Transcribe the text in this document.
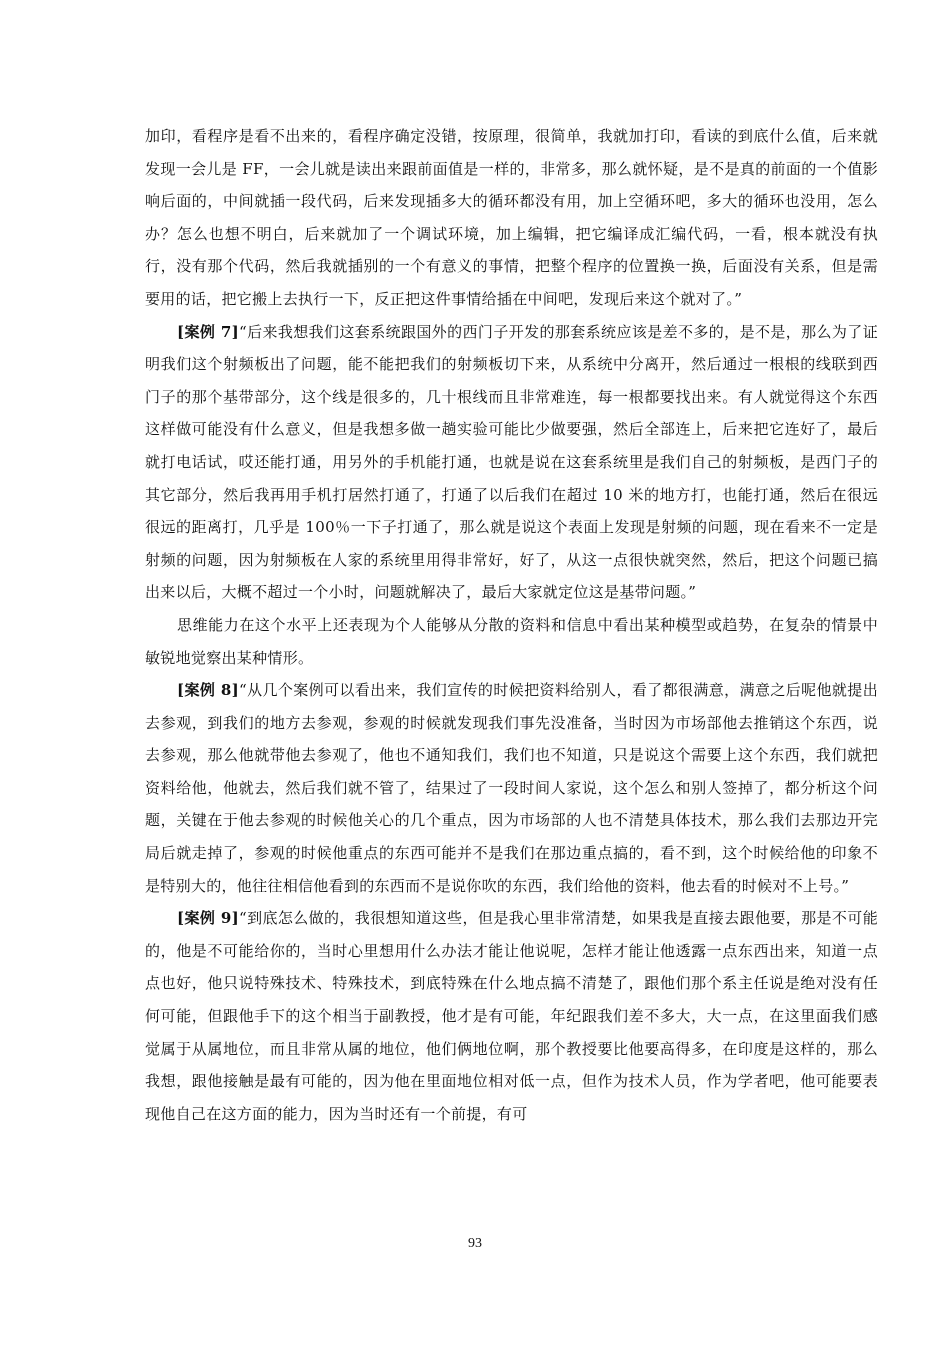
加印，看程序是看不出来的，看程序确定没错，按原理，很简单，我就加打印，看读的到底什么值，后来就发现一会儿是 FF，一会儿就是读出来跟前面值是一样的，非常多，那么就怀疑，是不是真的前面的一个值影响后面的，中间就插一段代码，后来发现插多大的循环都没有用，加上空循环吧，多大的循环也没用，怎么办？怎么也想不明白，后来就加了一个调试环境，加上编辑，把它编译成汇编代码，一看，根本就没有执行，没有那个代码，然后我就插别的一个有意义的事情，把整个程序的位置换一换，后面没有关系，但是需要用的话，把它搬上去执行一下，反正把这件事情给插在中间吧，发现后来这个就对了。”

[案例 7]“后来我想我们这套系统跟国外的西门子开发的那套系统应该是差不多的，是不是，那么为了证明我们这个射频板出了问题，能不能把我们的射频板切下来，从系统中分离开，然后通过一根根的线联到西门子的那个基带部分，这个线是很多的，几十根线而且非常难连，每一根都要找出来。有人就觉得这个东西这样做可能没有什么意义，但是我想多做一趟实验可能比少做要强，然后全部连上，后来把它连好了，最后就打电话试，哎还能打通，用另外的手机能打通，也就是说在这套系统里是我们自己的射频板，是西门子的其它部分，然后我再用手机打居然打通了，打通了以后我们在超过 10 米的地方打，也能打通，然后在很远很远的距离打，几乎是 100％一下子打通了，那么就是说这个表面上发现是射频的问题，现在看来不一定是射频的问题，因为射频板在人家的系统里用得非常好，好了，从这一点很快就突然，然后，把这个问题已搞出来以后，大概不超过一个小时，问题就解决了，最后大家就定位这是基带问题。”

思维能力在这个水平上还表现为个人能够从分散的资料和信息中看出某种模型或趋势，在复杂的情景中敏锐地觉察出某种情形。

[案例 8]“从几个案例可以看出来，我们宣传的时候把资料给别人，看了都很满意，满意之后呢他就提出去参观，到我们的地方去参观，参观的时候就发现我们事先没准备，当时因为市场部他去推销这个东西，说去参观，那么他就带他去参观了，他也不通知我们，我们也不知道，只是说这个需要上这个东西，我们就把资料给他，他就去，然后我们就不管了，结果过了一段时间人家说，这个怎么和别人签掉了，都分析这个问题，关键在于他去参观的时候他关心的几个重点，因为市场部的人也不清楚具体技术，那么我们去那边开完局后就走掉了，参观的时候他重点的东西可能并不是我们在那边重点搞的，看不到，这个时候给他的印象不是特别大的，他往往相信他看到的东西而不是说你吹的东西，我们给他的资料，他去看的时候对不上号。”

[案例 9]“到底怎么做的，我很想知道这些，但是我心里非常清楚，如果我是直接去跟他要，那是不可能的，他是不可能给你的，当时心里想用什么办法才能让他说呢，怎样才能让他透露一点东西出来，知道一点点也好，他只说特殊技术、特殊技术，到底特殊在什么地点搞不清楚了，跟他们那个系主任说是绝对没有任何可能，但跟他手下的这个相当于副教授，他才是有可能，年纪跟我们差不多大，大一点，在这里面我们感觉属于从属地位，而且非常从属的地位，他们俩地位啊，那个教授要比他要高得多，在印度是这样的，那么我想，跟他接触是最有可能的，因为他在里面地位相对低一点，但作为技术人员，作为学者吧，他可能要表现他自己在这方面的能力，因为当时还有一个前提，有可

93
